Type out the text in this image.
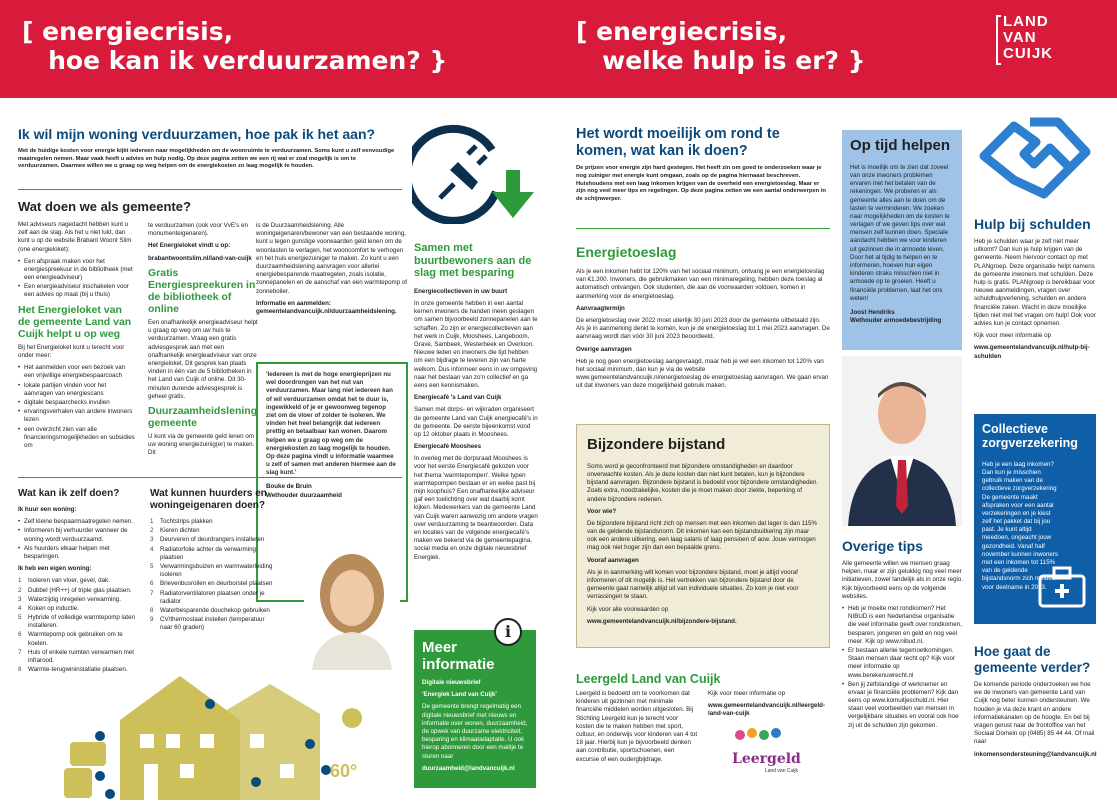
[ energiecrisis,
hoe kan ik verduurzamen? }
[ energiecrisis,
welke hulp is er? }
LAND
VAN
CUIJK
Ik wil mijn woning verduurzamen, hoe pak ik het aan?

Met de huidige kosten voor energie kijkt iedereen naar mogelijkheden om de woonruimte te verduurzamen. Soms kunt u zelf eenvoudige maatregelen nemen. Maar vaak heeft u advies en hulp nodig. Op deze pagina zetten we een rij wat er zoal mogelijk is om te verduurzamen. Daarmee willen we u graag op weg helpen om de energiekosten zo laag mogelijk te houden.

Wat doen we als gemeente?

Met adviseurs nagedacht hebben kunt u zelf aan de slag. Als het u niet lukt, dan kunt u op de website Brabant Woont Slim (one energieloket):

• Een afspraak maken voor het energiespreekuur in de bibliotheek (met een energieadviseur)
• Een energieadviseur inschakelen voor een advies op maat (bij u thuis)
Het Energieloket van de gemeente Land van Cuijk helpt u op weg

Bij het Energieloket kunt u terecht voor onder meer:

• Het aanmelden voor een bezoek van een vrijwillige energiebespaarcoach
• lokale partijen vinden voor het aanvragen van energiescans
• digitale bespaarchecks invullen
• ervaringsverhalen van andere inwoners lezen
• een overzicht zien van alle financieringsmogelijkheden en subsidies om

te verduurzamen (ook voor VvE's en monumenteigenaren).

Het Energieloket vindt u op:

brabantwoontslim.nl/land-van-cuijk

Gratis Energiespreekuren in de bibliotheek of online

Een onafhankelijk energieadviseur helpt u graag op weg om uw huis te verduurzamen. Vraag een gratis adviesgesprek aan met een onafhankelijk energieadviseur van onze energieloket. Dit gesprek kan plaats vinden in één van de 5 bibliotheken in het Land van Cuijk of online. Dit 30-minuten durende adviesgesprek is geheel gratis.

Duurzaamheidslening gemeente

U kunt via de gemeente geld lenen om uw woning energiezuinig(er) te maken. Dit

is de Duurzaamheidslening. Alle woningeigenaren/bewoner van een bestaande woning, kunt u tegen gunstige voorwaarden geld lenen om de woonlasten te verlagen, het wooncomfort te verhogen en het huis energiezuiniger te maken. Zo kunt u een duurzaamheidslening aanvragen voor allerlei energiebesparende maatregelen, zoals isolatie, zonnepanelen en de aanschaf van een warmtepomp of zonneboiler.

Informatie en aanmelden: gemeentelandvancuijk.nl/duurzaamheidslening.

'Iedereen is met de hoge energieprijzen nu wel doordrongen van het nut van verduurzamen. Maar lang niet iedereen kan of wil verduurzamen omdat het te duur is, ingewikkeld of je er gewoonweg tegenop ziet om de vloer of zolder te isoleren. We vinden het heel belangrijk dat iedereen prettig en betaalbaar kan wonen. Daarom helpen we u graag op weg om de energiekosten zo laag mogelijk te houden. Op deze pagina vindt u informatie waarmee u zelf of samen met anderen hiermee aan de slag kunt.'

Bouke de Bruin

Wethouder duurzaamheid

Wat kan ik zelf doen?

Ik huur een woning:

• Zelf kleine bespaarmaatregelen nemen.
• Informeren bij verhuurder wanneer de woning wordt verduurzaamd.
• Als huurders elkaar helpen met besparingen.

Ik heb een eigen woning:

1 Isoleren van vloer, gevel, dak.
2 Dubbel (HR++) of triple glas plaatsen.
3 Waterzijdig inregelen verwarming.
4 Koken op inductie.
5 Hybride of volledige warmtepomp laten installeren.
6 Warmtepomp ook gebruiken om te koelen.
7 Huis of enkele ruimten verwarmen met infrarood.
8 Warmte-terugwininstallatie plaatsen.
Wat kunnen huurders en woningeigenaren doen?
1 Tochtstrips plakken
2 Kieren dichten
3 Deurveren of deurdrangers installeren
4 Radiatorfolie achter de verwarming plaatsen
5 Verwarmingsbuizen en warmwaterleiding isoleren
6 Brievenbusrollen en deurborstel plaatsen
7 Radiatorventilatoren plaatsen onder je radiator
8 Waterbesparende douchekop gebruiken
9 CV/thermostaat instellen (temperatuur naar 60 graden)
60°
Samen met buurtbewoners aan de slag met besparing

Energiecollectieven in uw buurt

In onze gemeente hebben in een aantal kernen inwoners de handen ineen geslagen om samen bijvoorbeeld zonnepanelen aan te schaffen. Zo zijn er energiecollectieven aan het werk in Cuijk, Mooshees, Langeboom, Grave, Sambeek, Westerbeek en Overloon. Nieuwe leden en inwoners die tijd hebben om een bijdrage te leveren zijn van harte welkom. Dus informeer eens in uw omgeving naar het bestaan van zo'n collectief en ga eens een kennismaken.

Energiecafé 's Land van Cuijk

Samen met dorps- en wijkraden organiseert de gemeente Land van Cuijk energiecafé's in de gemeente. De eerste bijeenkomst vond op 12 oktober plaats in Mooshees.

Energiecafé Mooshees

In overleg met de dorpsraad Mooshees is voor het eerste Energiecafé gekozen voor het thema 'warmtepompen'. Welke typen warmtepompen bestaan er en welke past bij mijn koophuis? Een onafhankelijke adviseur gaf een toelichting over wat daarbij komt kijken. Medewerkers van de gemeente Land van Cuijk waren aanwezig om andere vragen over verduurzaming te beantwoorden. Data en locaties van de volgende energiecafé's maken we bekend via de gemeentepagina, social media en onze digitale nieuwsbrief Energiek.

i
Meer informatie

Digitale nieuwsbrief

'Energiek Land van Cuijk'

De gemeente brengt regelmatig een digitale nieuwsbrief met nieuws en informatie over wonen, duurzaamheid, de opwek van duurzame elektriciteit, besparing en klimaatadaptatie. U ook hierop abonneren door een mailtje te sturen naar

duurzaamheid@landvancuijk.nl

Het wordt moeilijk om rond te komen, wat kan ik doen?

De prijzen voor energie zijn hard gestegen. Het heeft zin om goed te onderzoeken waar je nog zuiniger met energie kunt omgaan, zoals op de pagina hiernaast beschreven. Huishoudens met een laag inkomen krijgen van de overheid een energietoeslag. Maar er zijn nog veel meer tips en regelingen. Op deze pagina zetten we een aantal onderwerpen in de schijnwerper.

Energietoeslag

Als je een inkomen hebt tot 120% van het sociaal minimum, ontvang je een energietoeslag van €1.300. Inwoners, die gebruikmaken van een minimaregeling, hebben deze toeslag al automatisch ontvangen. Ook studenten, die aan de voorwaarden voldoen, komen in aanmerking voor de energietoeslag.

Aanvraagtermijn

De energietoeslag over 2022 moet uiterlijk 30 juni 2023 door de gemeente uitbetaald zijn. Als je in aanmerking denkt te komen, kun je de energietoeslag tot 1 mei 2023 aanvragen. De aanvraag wordt dan vóór 30 juni 2023 beoordeeld.

Overige aanvragen

Heb je nog geen energietoeslag aangevraagd, maar heb je wel een inkomen tot 120% van het sociaal minimum, dan kun je via de website www.gemeentelandvancuijk.nl/energietoeslag de energietoeslag aanvragen. We gaan ervan uit dat inwoners van deze mogelijkheid gebruik maken.

Bijzondere bijstand

Soms word je geconfronteerd met bijzondere omstandigheden en daardoor onverwachte kosten. Als je deze kosten dan niet kunt betalen, kun je bijzondere bijstand aanvragen. Bijzondere bijstand is bedoeld voor bijzondere omstandigheden. Zoals extra, noodzakelijke, kosten die je moet maken door ziekte, beperking of andere bijzondere redenen.

Voor wie?

De bijzondere bijstand richt zich op mensen met een inkomen dat lager is dan 115% van de geldende bijstandsnorm. Dit inkomen kan een bijstandsuitkering zijn maar ook een andere uitkering, een laag salaris of laag pensioen of aow. Jouw vermogen mag ook niet hoger zijn dan een bepaalde grens.

Vooraf aanvragen

Als je in aanmerking wilt komen voor bijzondere bijstand, moet je altijd vooraf informeren of dit mogelijk is. Het vertrekken van bijzondere bijstand door de gemeente gaat namelijk altijd uit van individuele situaties. Zo kom je niet voor verrassingen te staan.

Kijk voor alle voorwaarden op

www.gemeentelandvancuijk.nl/bijzondere-bijstand.

Leergeld Land van Cuijk

Leergeld is bedoeld om te voorkomen dat kinderen uit gezinnen met minimale financiële middelen worden uitgesloten. Bij Stichting Leergeld kun je terecht voor kosten die te maken hebben met sport, cultuur, en onderwijs voor kinderen van 4 tot 18 jaar. Hierbij kun je bijvoorbeeld denken aan contributie, sportschoenen, een excursie of een oudergbijdrage.

Kijk voor meer informatie op

www.gemeentelandvancuijk.nl/leergeld-land-van-cuijk

Leergeld
Land van Cuijk
Op tijd helpen

Het is moeilijk om te zien dat zoveel van onze inwoners problemen ervaren met het betalen van de rekeningen. We proberen er als gemeente alles aan te doen om de lasten te verminderen. We zoeken naar mogelijkheden om de kosten te verlagen of we geven tips over wat mensen zelf kunnen doen. Speciale aandacht hebben we voor kinderen uit gezinnen die in armoede leven. Door het al tijdig te helpen en te informeren, hoeven hun eigen kinderen straks misschien niet in armoede op te groeien. Heeft u financiële problemen, laat het ons weten!

Joost Hendriks

Wethouder armoedebestrijding

Overige tips

Alle gemeente willen we mensen graag helpen, maar er zijn gelukkig nog veel meer initiatieven, zowel landelijk als in onze regio. Kijk bijvoorbeeld eens op de volgende websites.

• Heb je moeite met rondkomen? Het NIBUD is een Nederlandse organisatie die veel informatie geeft over rondkomen, besparen, jongeren en geld en nog veel meer. Kijk op www.nibud.nl.
• Er bestaan allerlei tegemoetkomingen. Staan mensen daar recht op? Kijk voor meer informatie op www.berekenuwrecht.nl
• Ben jij zelfstandige of werknemer en ervaar je financiële problemen? Kijk dan eens op www.komuitjeschuld.nl. Hier staan veel voorbeelden van mensen in vergelijkbare situaties en vooral ook hoe zij uit de schulden zijn gekomen.
Hulp bij schulden

Heb je schulden waar je zelf niet meer uitkomt? Dan kun je hulp krijgen van de gemeente. Neem hiervoor contact op met PLANgroep. Deze organisatie helpt namens de gemeente inwoners met schulden. Deze hulp is gratis. PLANgroep is bereikbaar voor nieuwe aanmeldingen, vragen over schuldhulpverlening, schulden en andere financiële zaken. Wacht in deze moeilijke tijden niet met het vragen om hulp! Ook voor advies kun je contact opnemen.

Kijk voor meer informatie op

www.gemeentelandvancuijk.nl/hulp-bij-schulden

Collectieve zorgverzekering

Heb je een laag inkomen? Dan kun je misschien gebruik maken van de collectieve zorgverzekering De gemeente maakt afspraken voor een aantal verzekeringen en je kiest zelf het pakket dat bij jou past. Je kunt altijd meedoen, ongeacht jouw gezondheid. Vanaf half november kunnen inwoners met een inkomen tot 115% van de geldende bijstandsnorm zich melden voor deelname in 2023.

Hoe gaat de gemeente verder?

De komende periode onderzoeken we hoe we de inwoners van gemeente Land van Cuijk nog beter kunnen ondersteunen. We houden je via deze krant en andere informatiekanalen op de hoogte. En bel bij vragen gerust naar de frontoffice van het Sociaal Domein op (0485) 85 44 44. Of mail naar

inkomensondersteuning@landvancuijk.nl
